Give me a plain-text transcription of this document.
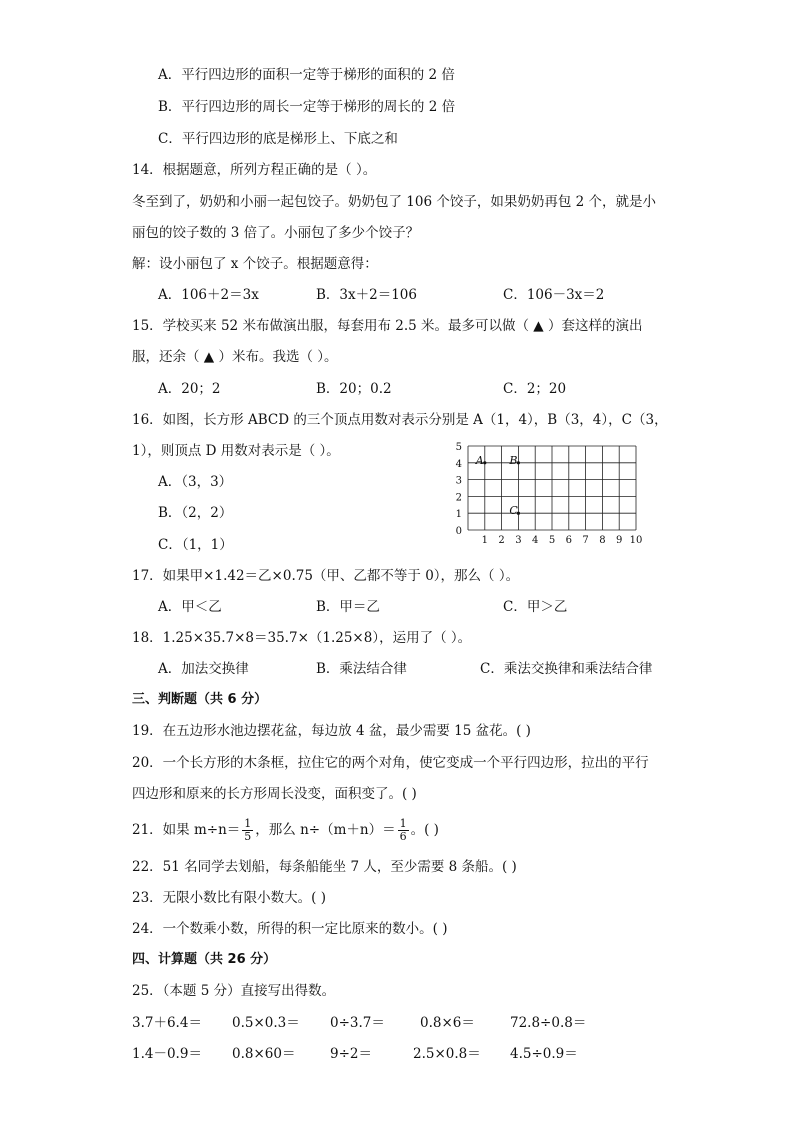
A．平行四边形的面积一定等于梯形的面积的 2 倍
B．平行四边形的周长一定等于梯形的周长的 2 倍
C．平行四边形的底是梯形上、下底之和
14．根据题意，所列方程正确的是（ ）。
冬至到了，奶奶和小丽一起包饺子。奶奶包了 106 个饺子，如果奶奶再包 2 个，就是小
丽包的饺子数的 3 倍了。小丽包了多少个饺子？
解：设小丽包了 x 个饺子。根据题意得：
A．106＋2＝3x	B．3x＋2＝106	C．106－3x＝2
15．学校买来 52 米布做演出服，每套用布 2.5 米。最多可以做（ ▲ ）套这样的演出
服，还余（ ▲ ）米布。我选（ ）。
A．20；2	B．20；0.2	C．2；20
16．如图，长方形 ABCD 的三个顶点用数对表示分别是 A（1，4），B（3，4），C（3，
1），则顶点 D 用数对表示是（ ）。
A．（3，3）
B．（2，2）
C．（1，1）	1 2 3 4 5 6 7 8 9 10
0
1
2
3
4
5
A B
C
17．如果甲×1.42＝乙×0.75（甲、乙都不等于 0），那么（ ）。
A．甲＜乙	B．甲＝乙	C．甲＞乙
18．1.25×35.7×8＝35.7×（1.25×8），运用了（ ）。
A．加法交换律	B．乘法结合律	C．乘法交换律和乘法结合律
三、判断题（共 6 分）
19．在五边形水池边摆花盆，每边放 4 盆，最少需要 15 盆花。( )
20．一个长方形的木条框，拉住它的两个对角，使它变成一个平行四边形，拉出的平行
四边形和原来的长方形周长没变，面积变了。( )
21．如果 $m\div n= \frac{1}{5}$ ，那么 $n\div(m+n)= \frac{1}{6}$ 。( )
22．51 名同学去划船，每条船能坐 7 人，至少需要 8 条船。( )
23．无限小数比有限小数大。( )
24．一个数乘小数，所得的积一定比原来的数小。( )
四、计算题（共 26 分）
25．（本题 5 分）直接写出得数。
3.7＋6.4＝ 0.5×0.3＝ 0÷3.7＝	0.8×6＝	72.8÷0.8＝
1.4－0.9＝ 0.8×60＝	9÷2＝	2.5×0.8＝ 4.5÷0.9＝
